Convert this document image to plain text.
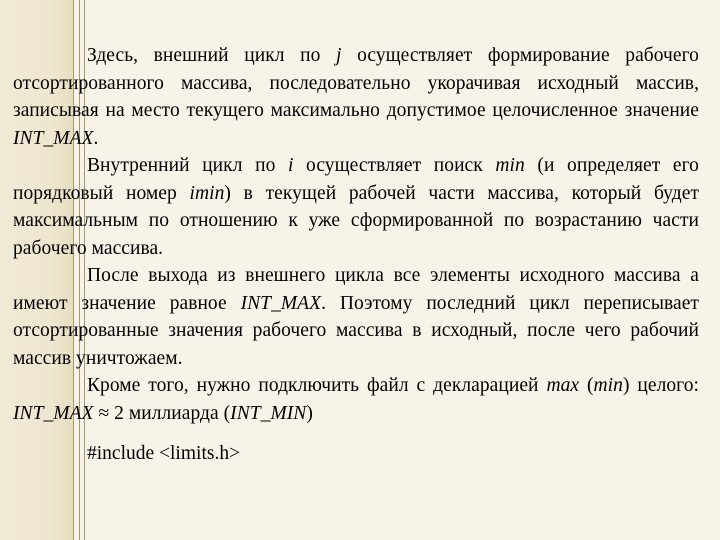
Здесь, внешний цикл по j осуществляет формирование рабочего отсортированного массива, последовательно укорачивая исходный массив, записывая на место текущего максимально допустимое целочисленное значение INT_MAX.

Внутренний цикл по i осуществляет поиск min (и определяет его порядковый номер imin) в текущей рабочей части массива, который будет максимальным по отношению к уже сформированной по возрастанию части рабочего массива.

После выхода из внешнего цикла все элементы исходного массива а имеют значение равное INT_MAX. Поэтому последний цикл переписывает отсортированные значения рабочего массива в исходный, после чего рабочий массив уничтожаем.

Кроме того, нужно подключить файл с декларацией max (min) целого: INT_MAX ≈ 2 миллиарда (INT_MIN)

#include <limits.h>
